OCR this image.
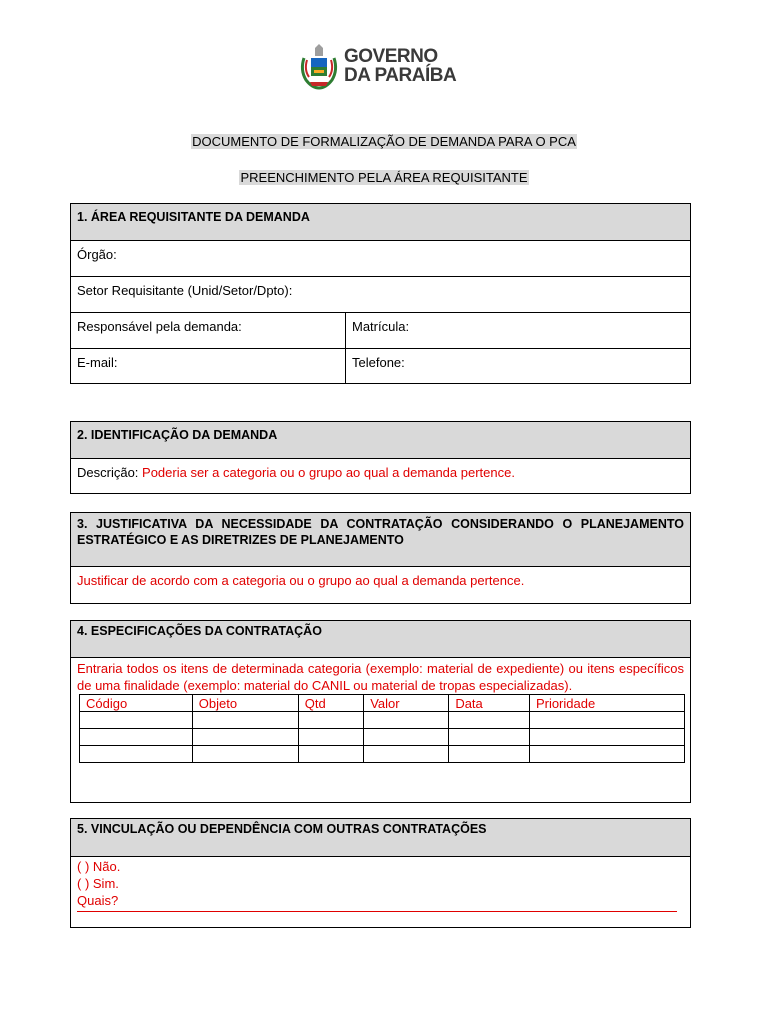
GOVERNO
DA PARAÍBA
DOCUMENTO DE FORMALIZAÇÃO DE DEMANDA PARA O PCA
PREENCHIMENTO PELA ÁREA REQUISITANTE
1. ÁREA REQUISITANTE DA DEMANDA
Órgão:
Setor Requisitante (Unid/Setor/Dpto):
Responsável pela demanda:	Matrícula:
E-mail:	Telefone:
2. IDENTIFICAÇÃO DA DEMANDA
Descrição: Poderia ser a categoria ou o grupo ao qual a demanda pertence.
3. JUSTIFICATIVA DA NECESSIDADE DA CONTRATAÇÃO CONSIDERANDO O PLANEJAMENTO ESTRATÉGICO E AS DIRETRIZES DE PLANEJAMENTO
Justificar de acordo com a categoria ou o grupo ao qual a demanda pertence.
4. ESPECIFICAÇÕES DA CONTRATAÇÃO
Entraria todos os itens de determinada categoria (exemplo: material de expediente) ou itens específicos de uma finalidade (exemplo: material do CANIL ou material de tropas especializadas).
Código	Objeto	Qtd	Valor	Data	Prioridade

5. VINCULAÇÃO OU DEPENDÊNCIA COM OUTRAS CONTRATAÇÕES
( ) Não.
( ) Sim.
Quais?
